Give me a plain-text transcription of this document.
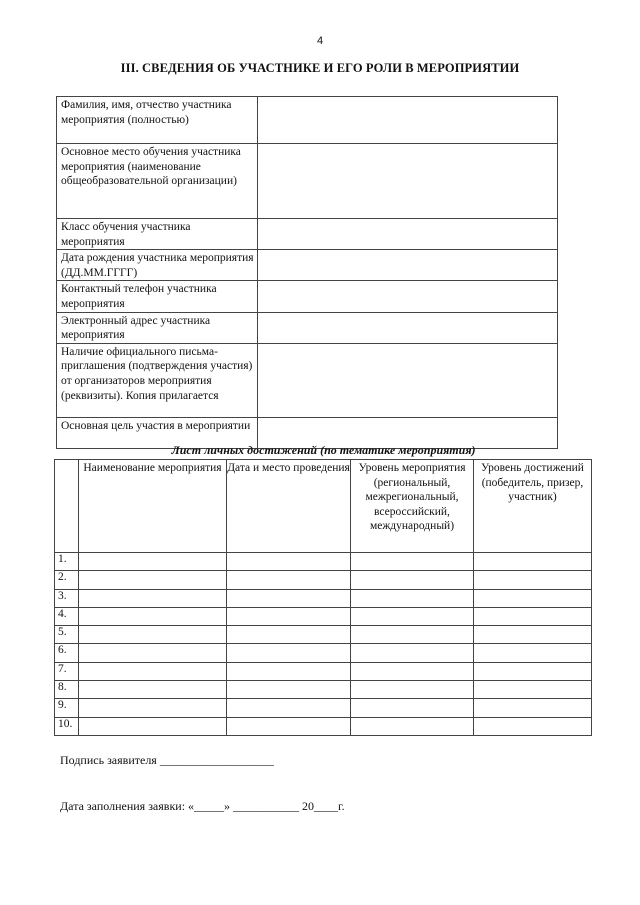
4
III. СВЕДЕНИЯ ОБ УЧАСТНИКЕ И ЕГО РОЛИ В МЕРОПРИЯТИИ
Фамилия, имя, отчество участника мероприятия (полностью)	
Основное место обучения участника мероприятия (наименование общеобразовательной организации)	
Класс обучения участника мероприятия	
Дата рождения участника мероприятия (ДД.ММ.ГГГГ)	
Контактный телефон участника мероприятия	
Электронный адрес участника мероприятия	
Наличие официального письма-приглашения (подтверждения участия) от организаторов мероприятия (реквизиты). Копия прилагается	
Основная цель участия в мероприятии	
Лист личных достижений (по тематике мероприятия)
	Наименование мероприятия	Дата и место проведения	Уровень мероприятия (региональный, межрегиональный, всероссийский, международный)	Уровень достижений (победитель, призер, участник)
1.				
2.				
3.				
4.				
5.				
6.				
7.				
8.				
9.				
10.				
Подпись заявителя ___________________
Дата заполнения заявки: «_____» ___________ 20____г.
